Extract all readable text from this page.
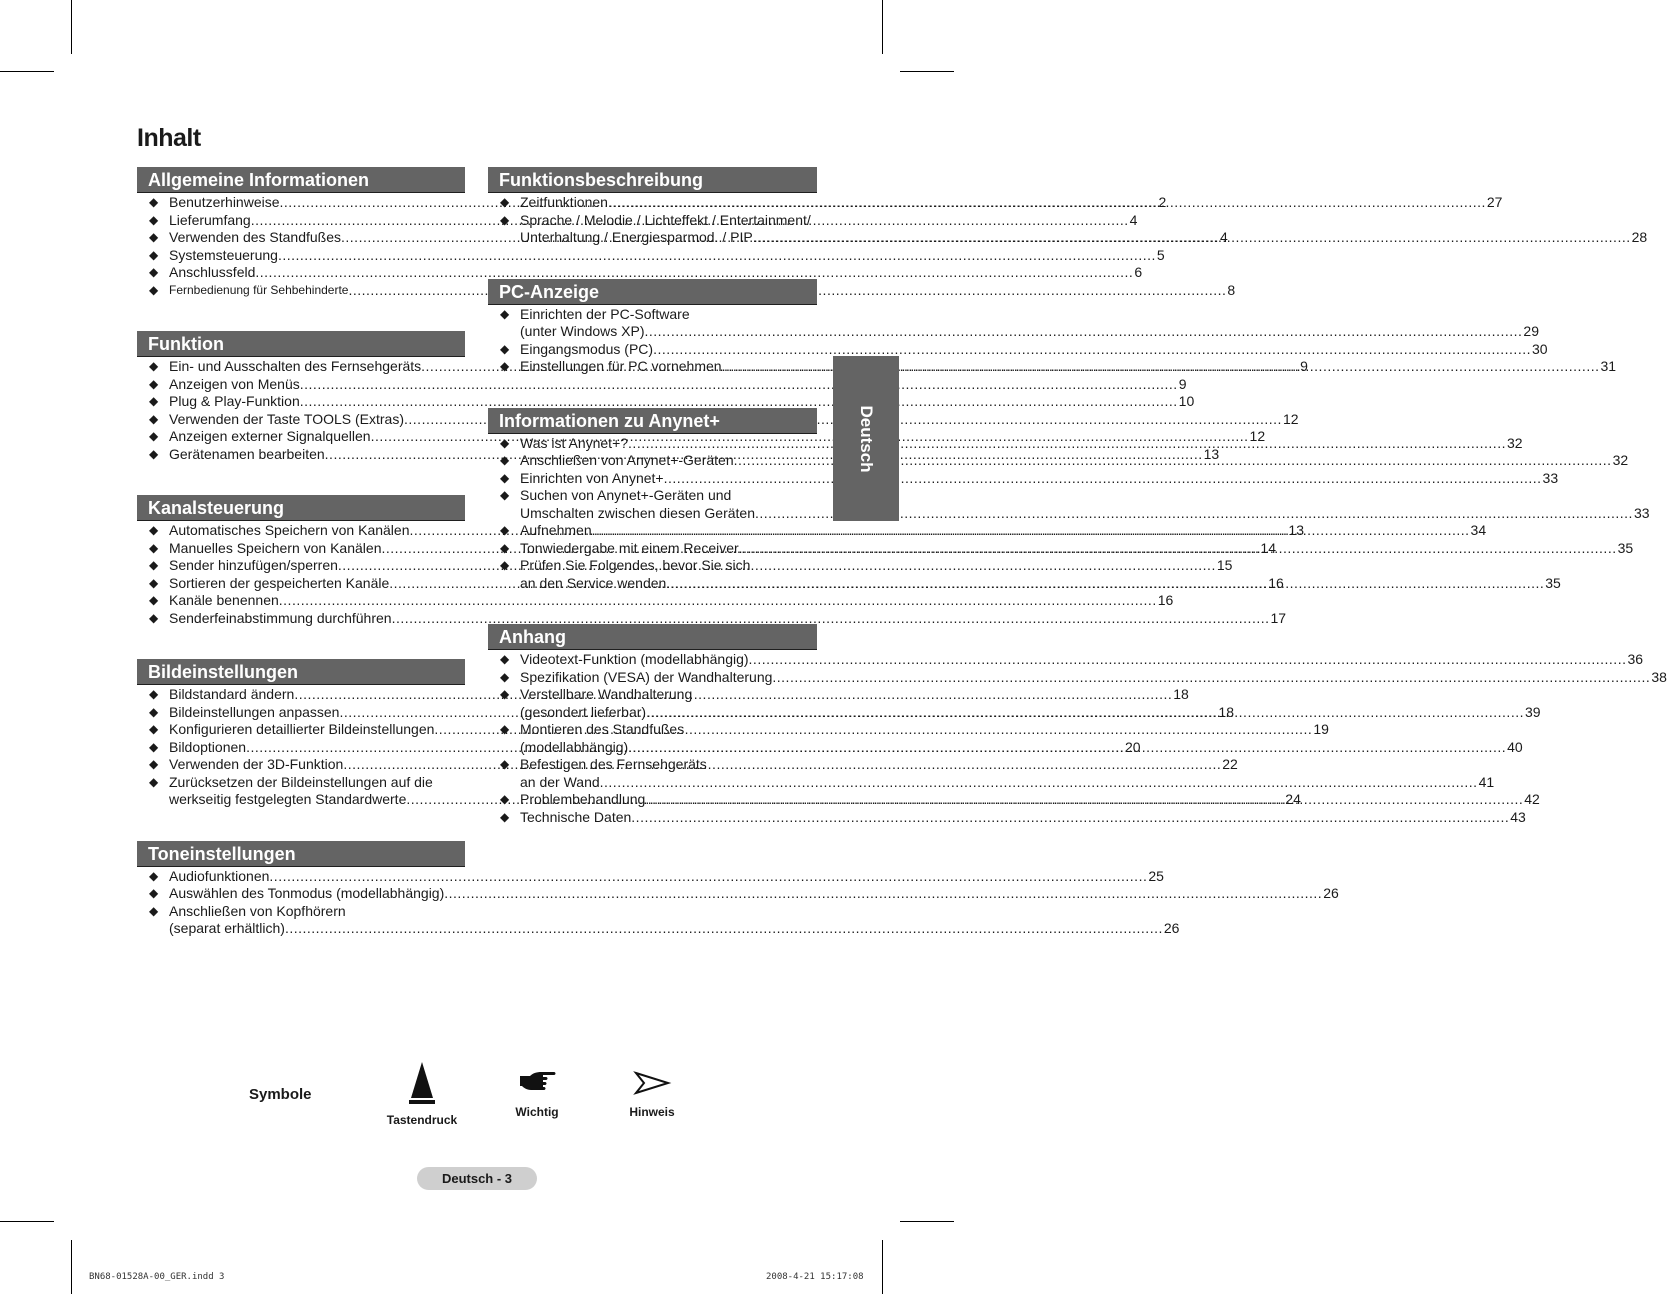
Inhalt
Allgemeine Informationen
◆ Benutzerhinweise .....	2
◆ Lieferumfang .....	4
◆ Verwenden des Standfußes .....	4
◆ Systemsteuerung .....	5
◆ Anschlussfeld .....	6
◆ Fernbedienung für Sehbehinderte .....	8
Funktion
◆ Ein- und Ausschalten des Fernsehgeräts .....	9
◆ Anzeigen von Menüs .....	9
◆ Plug & Play-Funktion .....	10
◆ Verwenden der Taste TOOLS (Extras) .....	12
◆ Anzeigen externer Signalquellen .....	12
◆ Gerätenamen bearbeiten .....	13
Kanalsteuerung
◆ Automatisches Speichern von Kanälen .....	13
◆ Manuelles Speichern von Kanälen .....	14
◆ Sender hinzufügen/sperren .....	15
◆ Sortieren der gespeicherten Kanäle .....	16
◆ Kanäle benennen .....	16
◆ Senderfeinabstimmung durchführen .....	17
Bildeinstellungen
◆ Bildstandard ändern .....	18
◆ Bildeinstellungen anpassen .....	18
◆ Konfigurieren detaillierter Bildeinstellungen .....	19
◆ Bildoptionen .....	20
◆ Verwenden der 3D-Funktion .....	22
◆ Zurücksetzen der Bildeinstellungen auf die
werkseitig festgelegten Standardwerte .....	24
Toneinstellungen
◆ Audiofunktionen .....	25
◆ Auswählen des Tonmodus (modellabhängig) .....	26
◆ Anschließen von Kopfhörern
(separat erhältlich) .....	26
Funktionsbeschreibung
◆ Zeitfunktionen .....	27
◆ Sprache / Melodie / Lichteffekt / Entertainment/
Unterhaltung / Energiesparmod. / PIP .....	28
PC-Anzeige
◆ Einrichten der PC-Software
(unter Windows XP) .....	29
◆ Eingangsmodus (PC) .....	30
◆ Einstellungen für PC vornehmen .....	31
Informationen zu Anynet+
◆ Was ist Anynet+? .....	32
◆ Anschließen von Anynet+-Geräten .....	32
◆ Einrichten von Anynet+ .....	33
◆ Suchen von Anynet+-Geräten und
Umschalten zwischen diesen Geräten .....	33
◆ Aufnehmen .....	34
◆ Tonwiedergabe mit einem Receiver .....	35
◆ Prüfen Sie Folgendes, bevor Sie sich
an den Service wenden .....	35
Anhang
◆ Videotext-Funktion (modellabhängig) .....	36
◆ Spezifikation (VESA) der Wandhalterung .....	38
◆ Verstellbare Wandhalterung
(gesondert lieferbar) .....	39
◆ Montieren des Standfußes
(modellabhängig) .....	40
◆ Befestigen des Fernsehgeräts
an der Wand .....	41
◆ Problembehandlung .....	42
◆ Technische Daten .....	43
Deutsch
Symbole
Tastendruck
Wichtig	Hinweis
Deutsch - 3
BN68-01528A-00_GER.indd 3	2008-4-21 15:17:08
